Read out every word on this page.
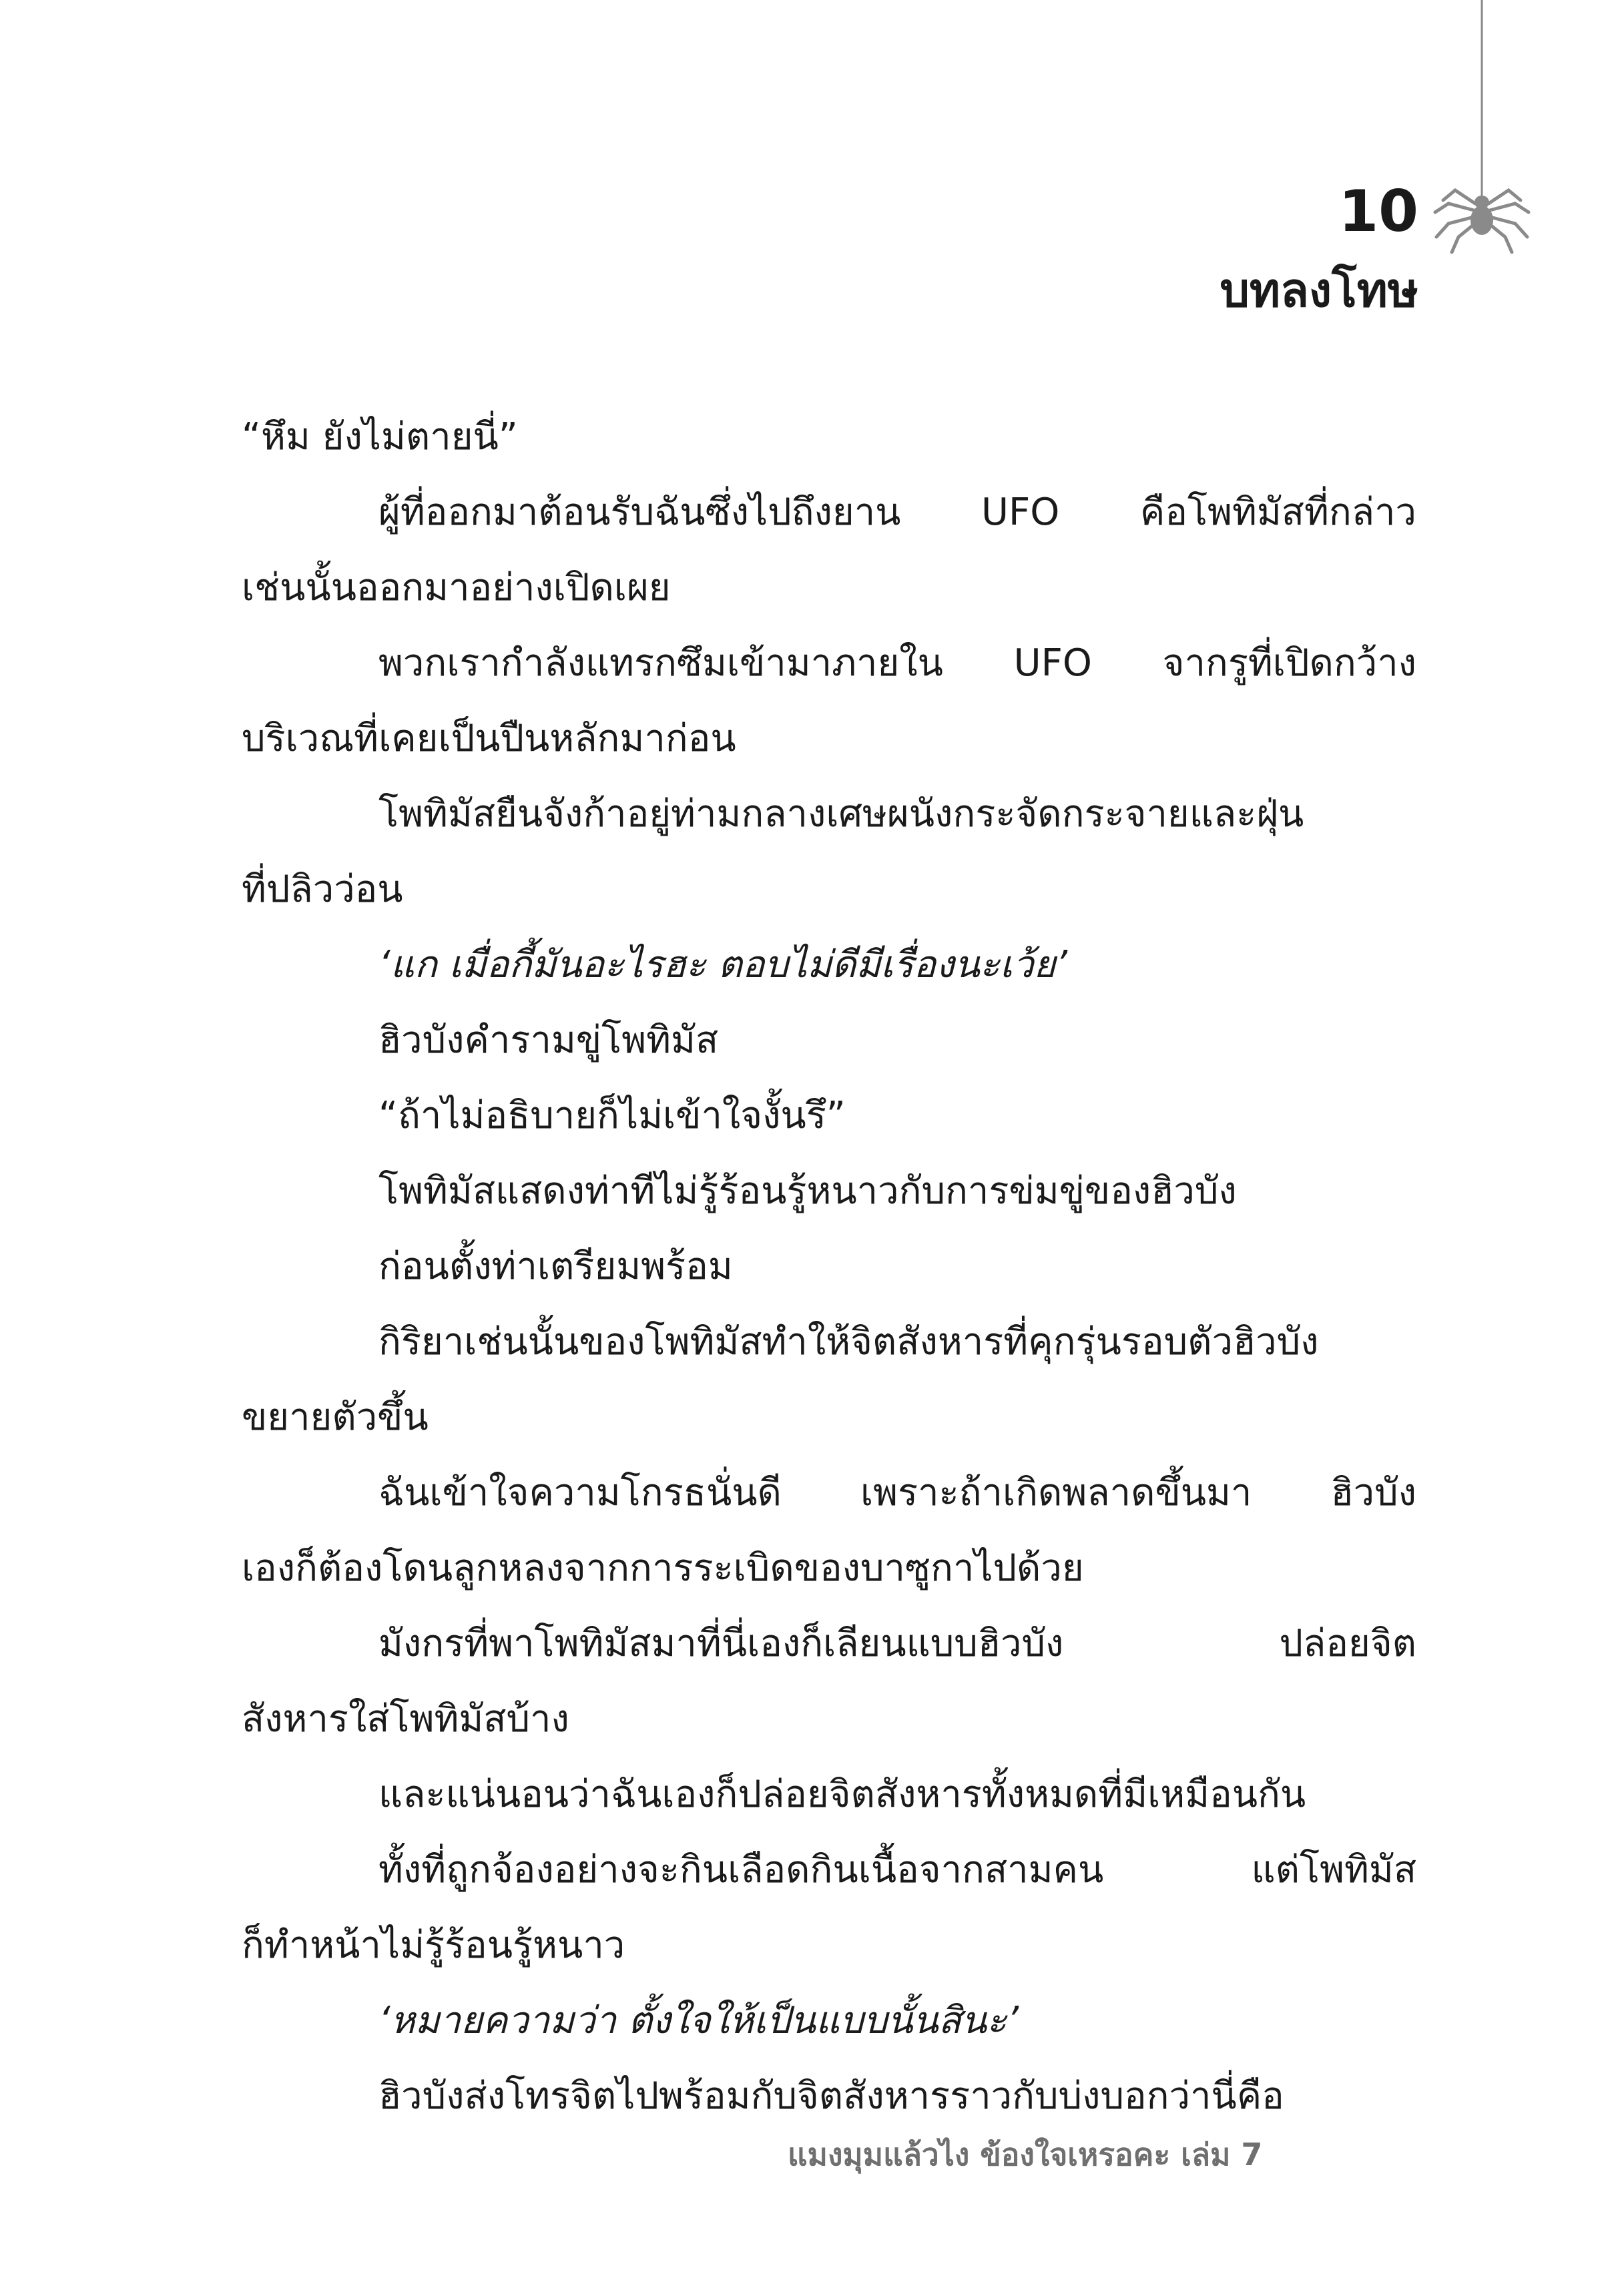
10
บทลงโทษ
“หึม ยังไม่ตายนี่”
ผู้ที่ออกมาต้อนรับฉันซึ่งไปถึงยาน UFO คือโพทิมัสที่กล่าว
เช่นนั้นออกมาอย่างเปิดเผย
พวกเรากำลังแทรกซึมเข้ามาภายใน UFO จากรูที่เปิดกว้าง
บริเวณที่เคยเป็นปืนหลักมาก่อน
โพทิมัสยืนจังก้าอยู่ท่ามกลางเศษผนังกระจัดกระจายและฝุ่น
ที่ปลิวว่อน
‘แก เมื่อกี้มันอะไรฮะ ตอบไม่ดีมีเรื่องนะเว้ย’
ฮิวบังคำรามขู่โพทิมัส
“ถ้าไม่อธิบายก็ไม่เข้าใจงั้นรึ”
โพทิมัสแสดงท่าทีไม่รู้ร้อนรู้หนาวกับการข่มขู่ของฮิวบัง
ก่อนตั้งท่าเตรียมพร้อม
กิริยาเช่นนั้นของโพทิมัสทำให้จิตสังหารที่คุกรุ่นรอบตัวฮิวบัง
ขยายตัวขึ้น
ฉันเข้าใจความโกรธนั่นดี เพราะถ้าเกิดพลาดขึ้นมา ฮิวบัง
เองก็ต้องโดนลูกหลงจากการระเบิดของบาซูกาไปด้วย
มังกรที่พาโพทิมัสมาที่นี่เองก็เลียนแบบฮิวบัง ปล่อยจิต
สังหารใส่โพทิมัสบ้าง
และแน่นอนว่าฉันเองก็ปล่อยจิตสังหารทั้งหมดที่มีเหมือนกัน
ทั้งที่ถูกจ้องอย่างจะกินเลือดกินเนื้อจากสามคน แต่โพทิมัส
ก็ทำหน้าไม่รู้ร้อนรู้หนาว
‘หมายความว่า ตั้งใจให้เป็นแบบนั้นสินะ’
ฮิวบังส่งโทรจิตไปพร้อมกับจิตสังหารราวกับบ่งบอกว่านี่คือ
แมงมุมแล้วไง ข้องใจเหรอคะ เล่ม 7
